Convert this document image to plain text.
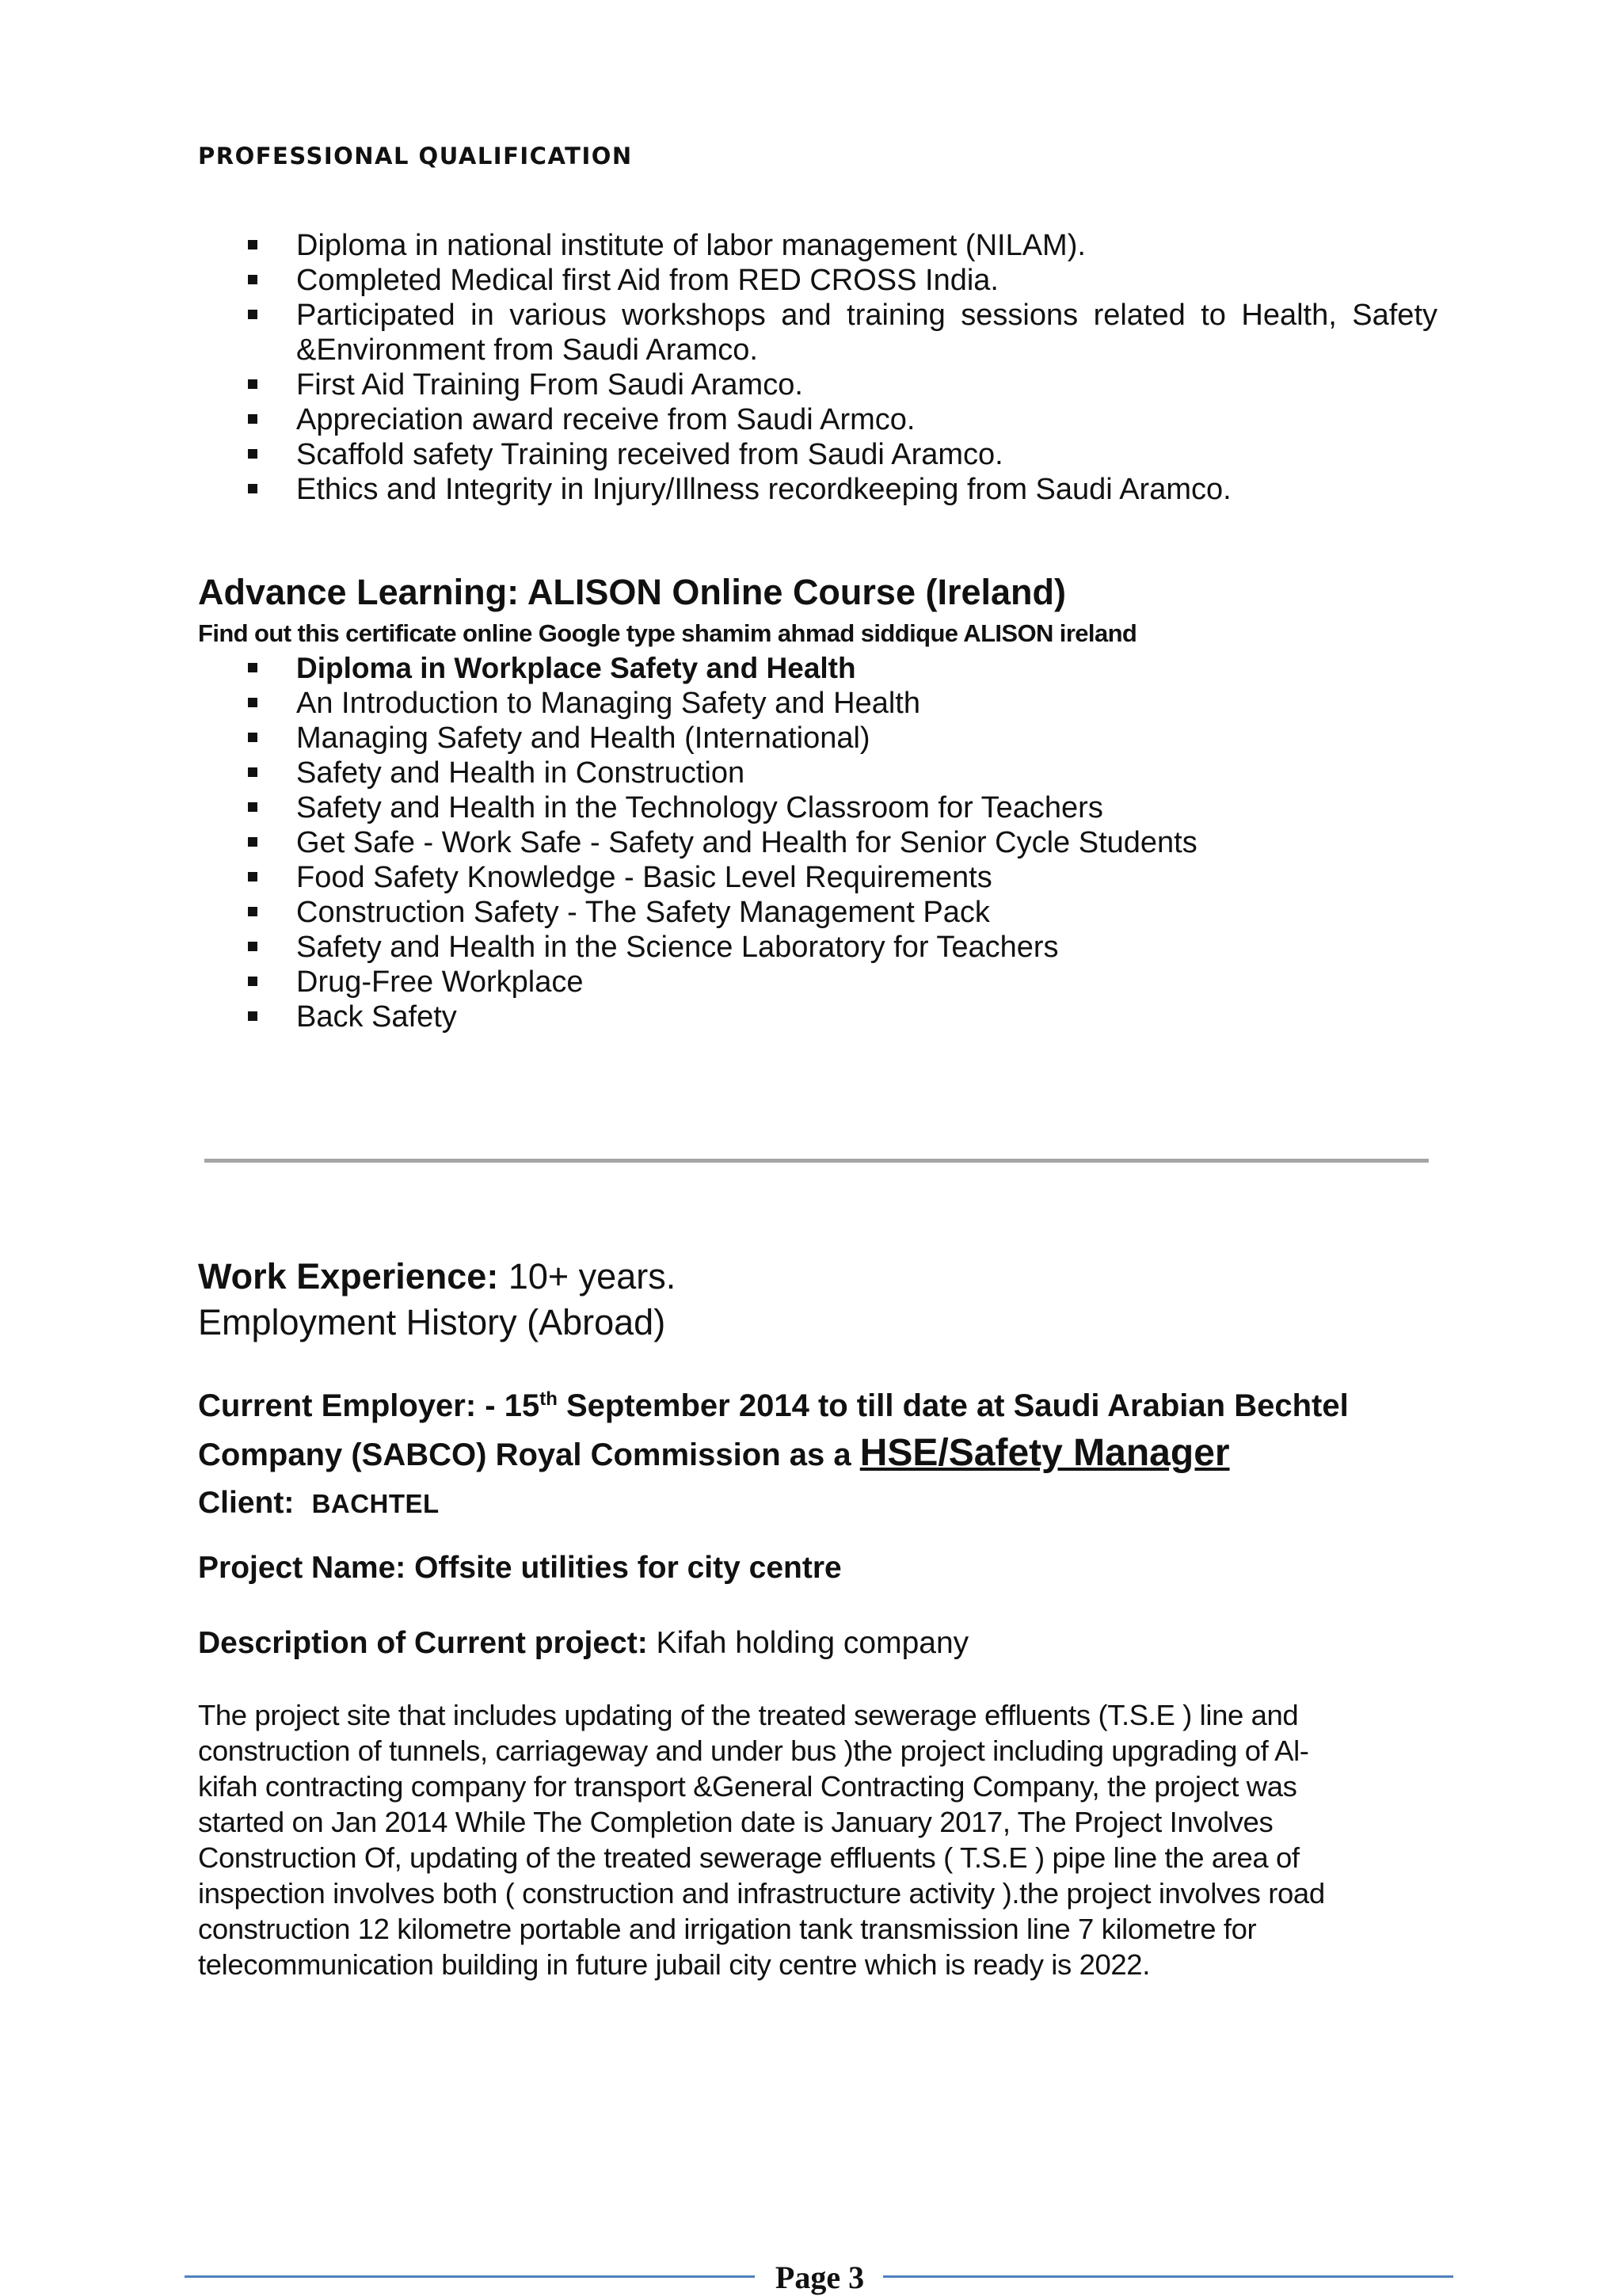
PROFESSIONAL QUALIFICATION
Diploma in national institute of labor management (NILAM).
Completed Medical first Aid from RED CROSS India.
Participated in various workshops and training sessions related to Health, Safety
&Environment from Saudi Aramco.
First Aid Training From Saudi Aramco.
Appreciation award receive from Saudi Armco.
Scaffold safety Training received from Saudi Aramco.
Ethics and Integrity in Injury/Illness recordkeeping from Saudi Aramco.
Advance Learning: ALISON Online Course (Ireland)
Find out this certificate online Google type shamim ahmad siddique ALISON ireland
Diploma in Workplace Safety and Health
An Introduction to Managing Safety and Health
Managing Safety and Health (International)
Safety and Health in Construction
Safety and Health in the Technology Classroom for Teachers
Get Safe - Work Safe - Safety and Health for Senior Cycle Students
Food Safety Knowledge - Basic Level Requirements
Construction Safety - The Safety Management Pack
Safety and Health in the Science Laboratory for Teachers
Drug-Free Workplace
Back Safety
Work Experience: 10+ years.
Employment History (Abroad)
Current Employer: - 15th September 2014 to till date at Saudi Arabian Bechtel
Company (SABCO) Royal Commission as a HSE/Safety Manager
Client: BACHTEL
Project Name: Offsite utilities for city centre
Description of Current project: Kifah holding company
The project site that includes updating of the treated sewerage effluents (T.S.E ) line and
construction of tunnels, carriageway and under bus )the project including upgrading of Al-
kifah contracting company for transport &General Contracting Company, the project was
started on Jan 2014 While The Completion date is January 2017, The Project Involves
Construction Of, updating of the treated sewerage effluents ( T.S.E ) pipe line the area of
inspection involves both ( construction and infrastructure activity ).the project involves road
construction 12 kilometre portable and irrigation tank transmission line 7 kilometre for
telecommunication building in future jubail city centre which is ready is 2022.
Page 3
